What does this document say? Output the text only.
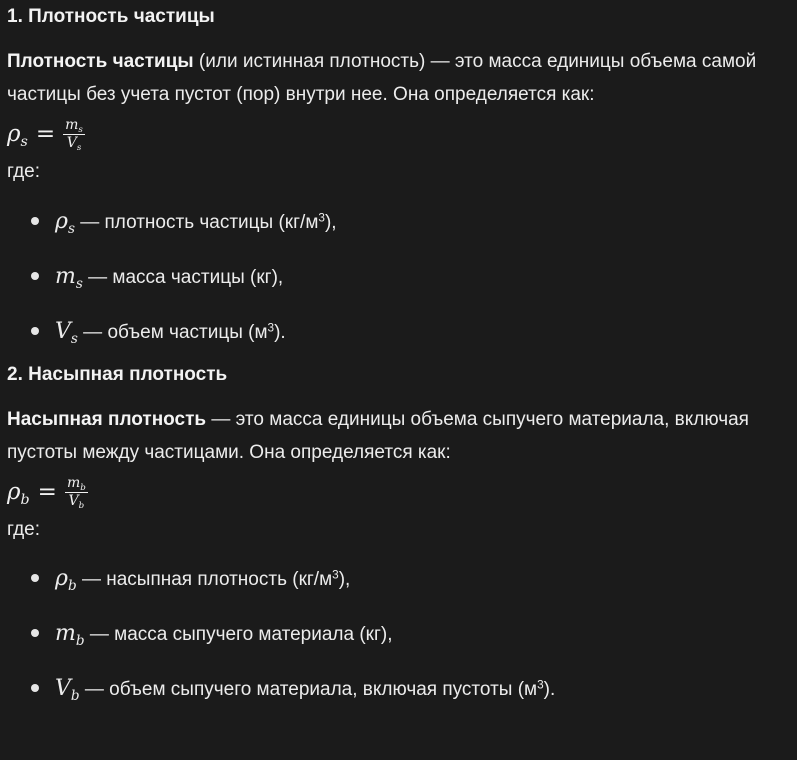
1. Плотность частицы

Плотность частицы (или истинная плотность) — это масса единицы объема самой частицы без учета пустот (пор) внутри нее. Она определяется как:

$\rho_s = \frac{m_s}{V_s}$

где:

$\rho_s$ — плотность частицы $(кг/м^3)$,
$m_s$ — масса частицы (кг),
$V_s$ — объем частицы $(м^3)$.
2. Насыпная плотность

Насыпная плотность — это масса единицы объема сыпучего материала, включая пустоты между частицами. Она определяется как:

$\rho_b = \frac{m_b}{V_b}$

где:

$\rho_b$ — насыпная плотность $(кг/м^3)$,
$m_b$ — масса сыпучего материала (кг),
$V_b$ — объем сыпучего материала, включая пустоты $(м^3)$.
